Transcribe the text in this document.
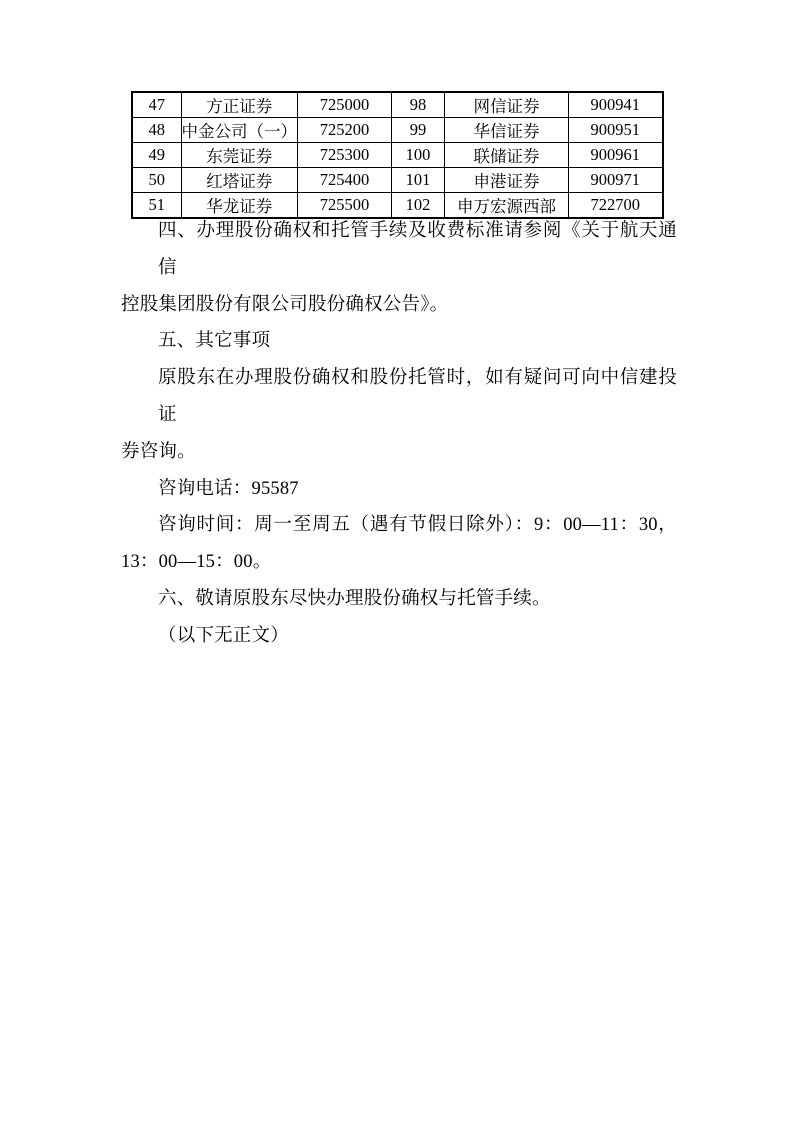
47	方正证券	725000	98	网信证券	900941
48	中金公司（一）	725200	99	华信证券	900951
49	东莞证券	725300	100	联储证券	900961
50	红塔证券	725400	101	申港证券	900971
51	华龙证券	725500	102	申万宏源西部	722700
四、办理股份确权和托管手续及收费标准请参阅《关于航天通信
控股集团股份有限公司股份确权公告》。
五、其它事项
原股东在办理股份确权和股份托管时，如有疑问可向中信建投证
券咨询。
咨询电话：95587
咨询时间：周一至周五（遇有节假日除外）：9：00—11：30，
13：00—15：00。
六、敬请原股东尽快办理股份确权与托管手续。
（以下无正文）
